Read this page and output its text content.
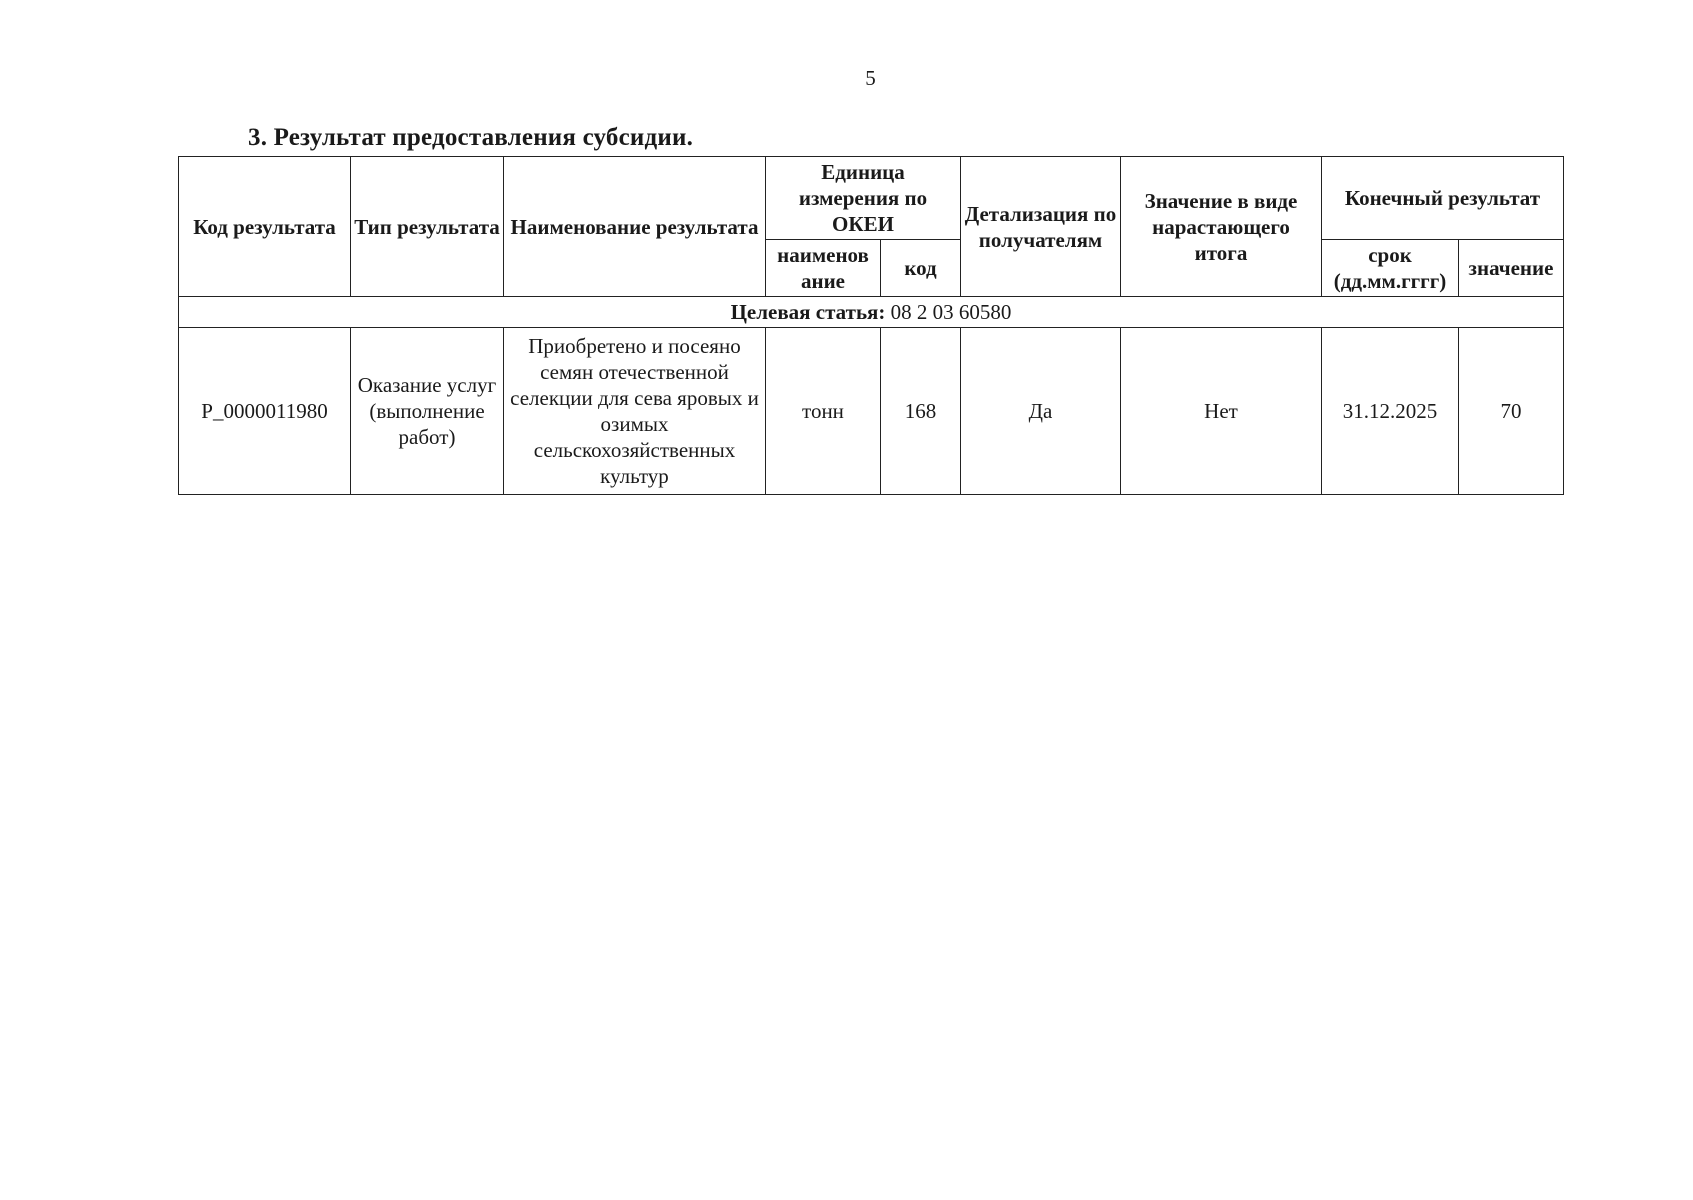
5
3. Результат предоставления субсидии.
Код результата	Тип результата	Наименование результата	Единица измерения по ОКЕИ		Детализация по получателям	Значение в виде нарастающего итога	Конечный результат	
			наименов ание	код			срок (дд.мм.гггг)	значение
Целевая статья: 08 2 03 60580								
P_0000011980	Оказание услуг (выполнение работ)	Приобретено и посеяно семян отечественной селекции для сева яровых и озимых сельскохозяйственных культур	тонн	168	Да	Нет	31.12.2025	70
